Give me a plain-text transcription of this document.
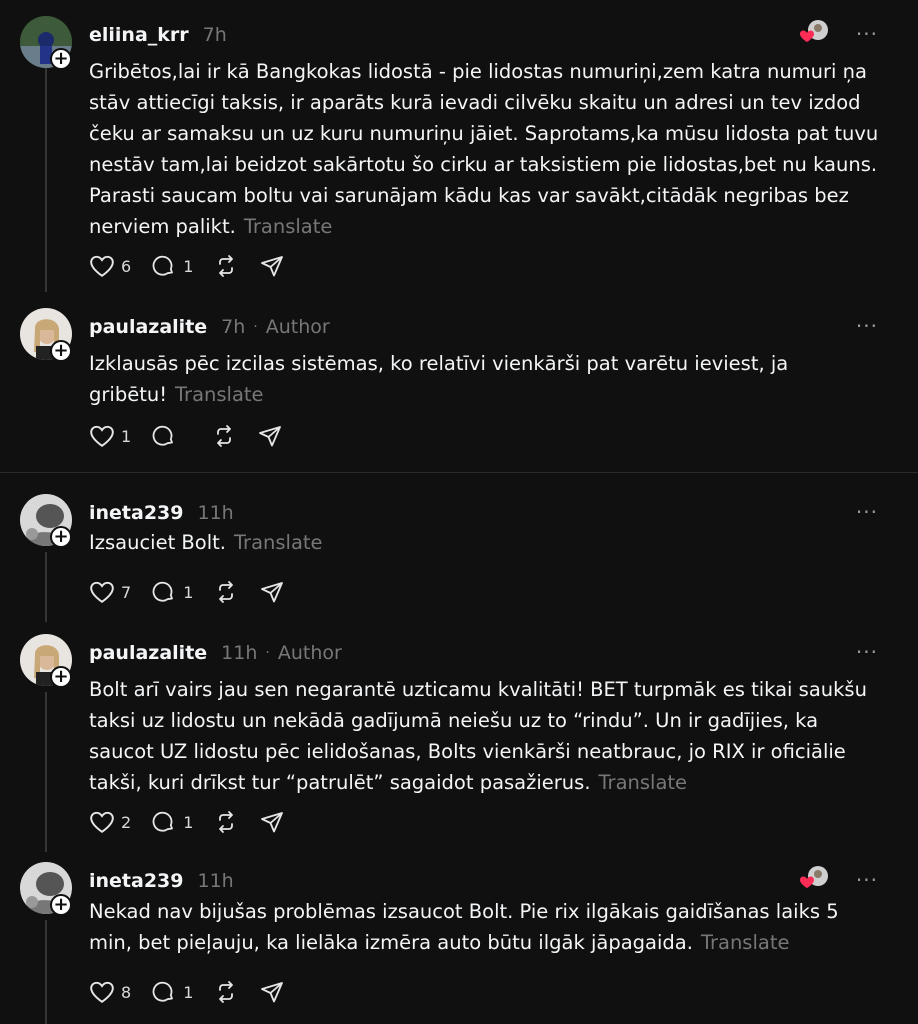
+
eliina_krr 7h	···
Gribētos,lai ir kā Bangkokas lidostā - pie lidostas numuriņi,zem katra numuri ņa stāv attiecīgi taksis, ir aparāts kurā ievadi cilvēku skaitu un adresi un tev izdod čeku ar samaksu un uz kuru numuriņu jāiet. Saprotams,ka mūsu lidosta pat tuvu nestāv tam,lai beidzot sakārtotu šo cirku ar taksistiem pie lidostas,bet nu kauns. Parasti saucam boltu vai sarunājam kādu kas var savākt,citādāk negribas bez nerviem palikt. Translate
6	1
+
paulazalite 7h · Author	···
Izklausās pēc izcilas sistēmas, ko relatīvi vienkārši pat varētu ieviest, ja gribētu! Translate
1
+
ineta239 11h	···
Izsauciet Bolt. Translate
7	1
+
paulazalite 11h · Author	···
Bolt arī vairs jau sen negarantē uzticamu kvalitāti! BET turpmāk es tikai saukšu taksi uz lidostu un nekādā gadījumā neiešu uz to “rindu”. Un ir gadījies, ka saucot UZ lidostu pēc ielidošanas, Bolts vienkārši neatbrauc, jo RIX ir oficiālie takši, kuri drīkst tur “patrulēt” sagaidot pasažierus. Translate
2	1
+
ineta239 11h	···
Nekad nav bijušas problēmas izsaucot Bolt. Pie rix ilgākais gaidīšanas laiks 5 min, bet pieļauju, ka lielāka izmēra auto būtu ilgāk jāpagaida. Translate
8	1
